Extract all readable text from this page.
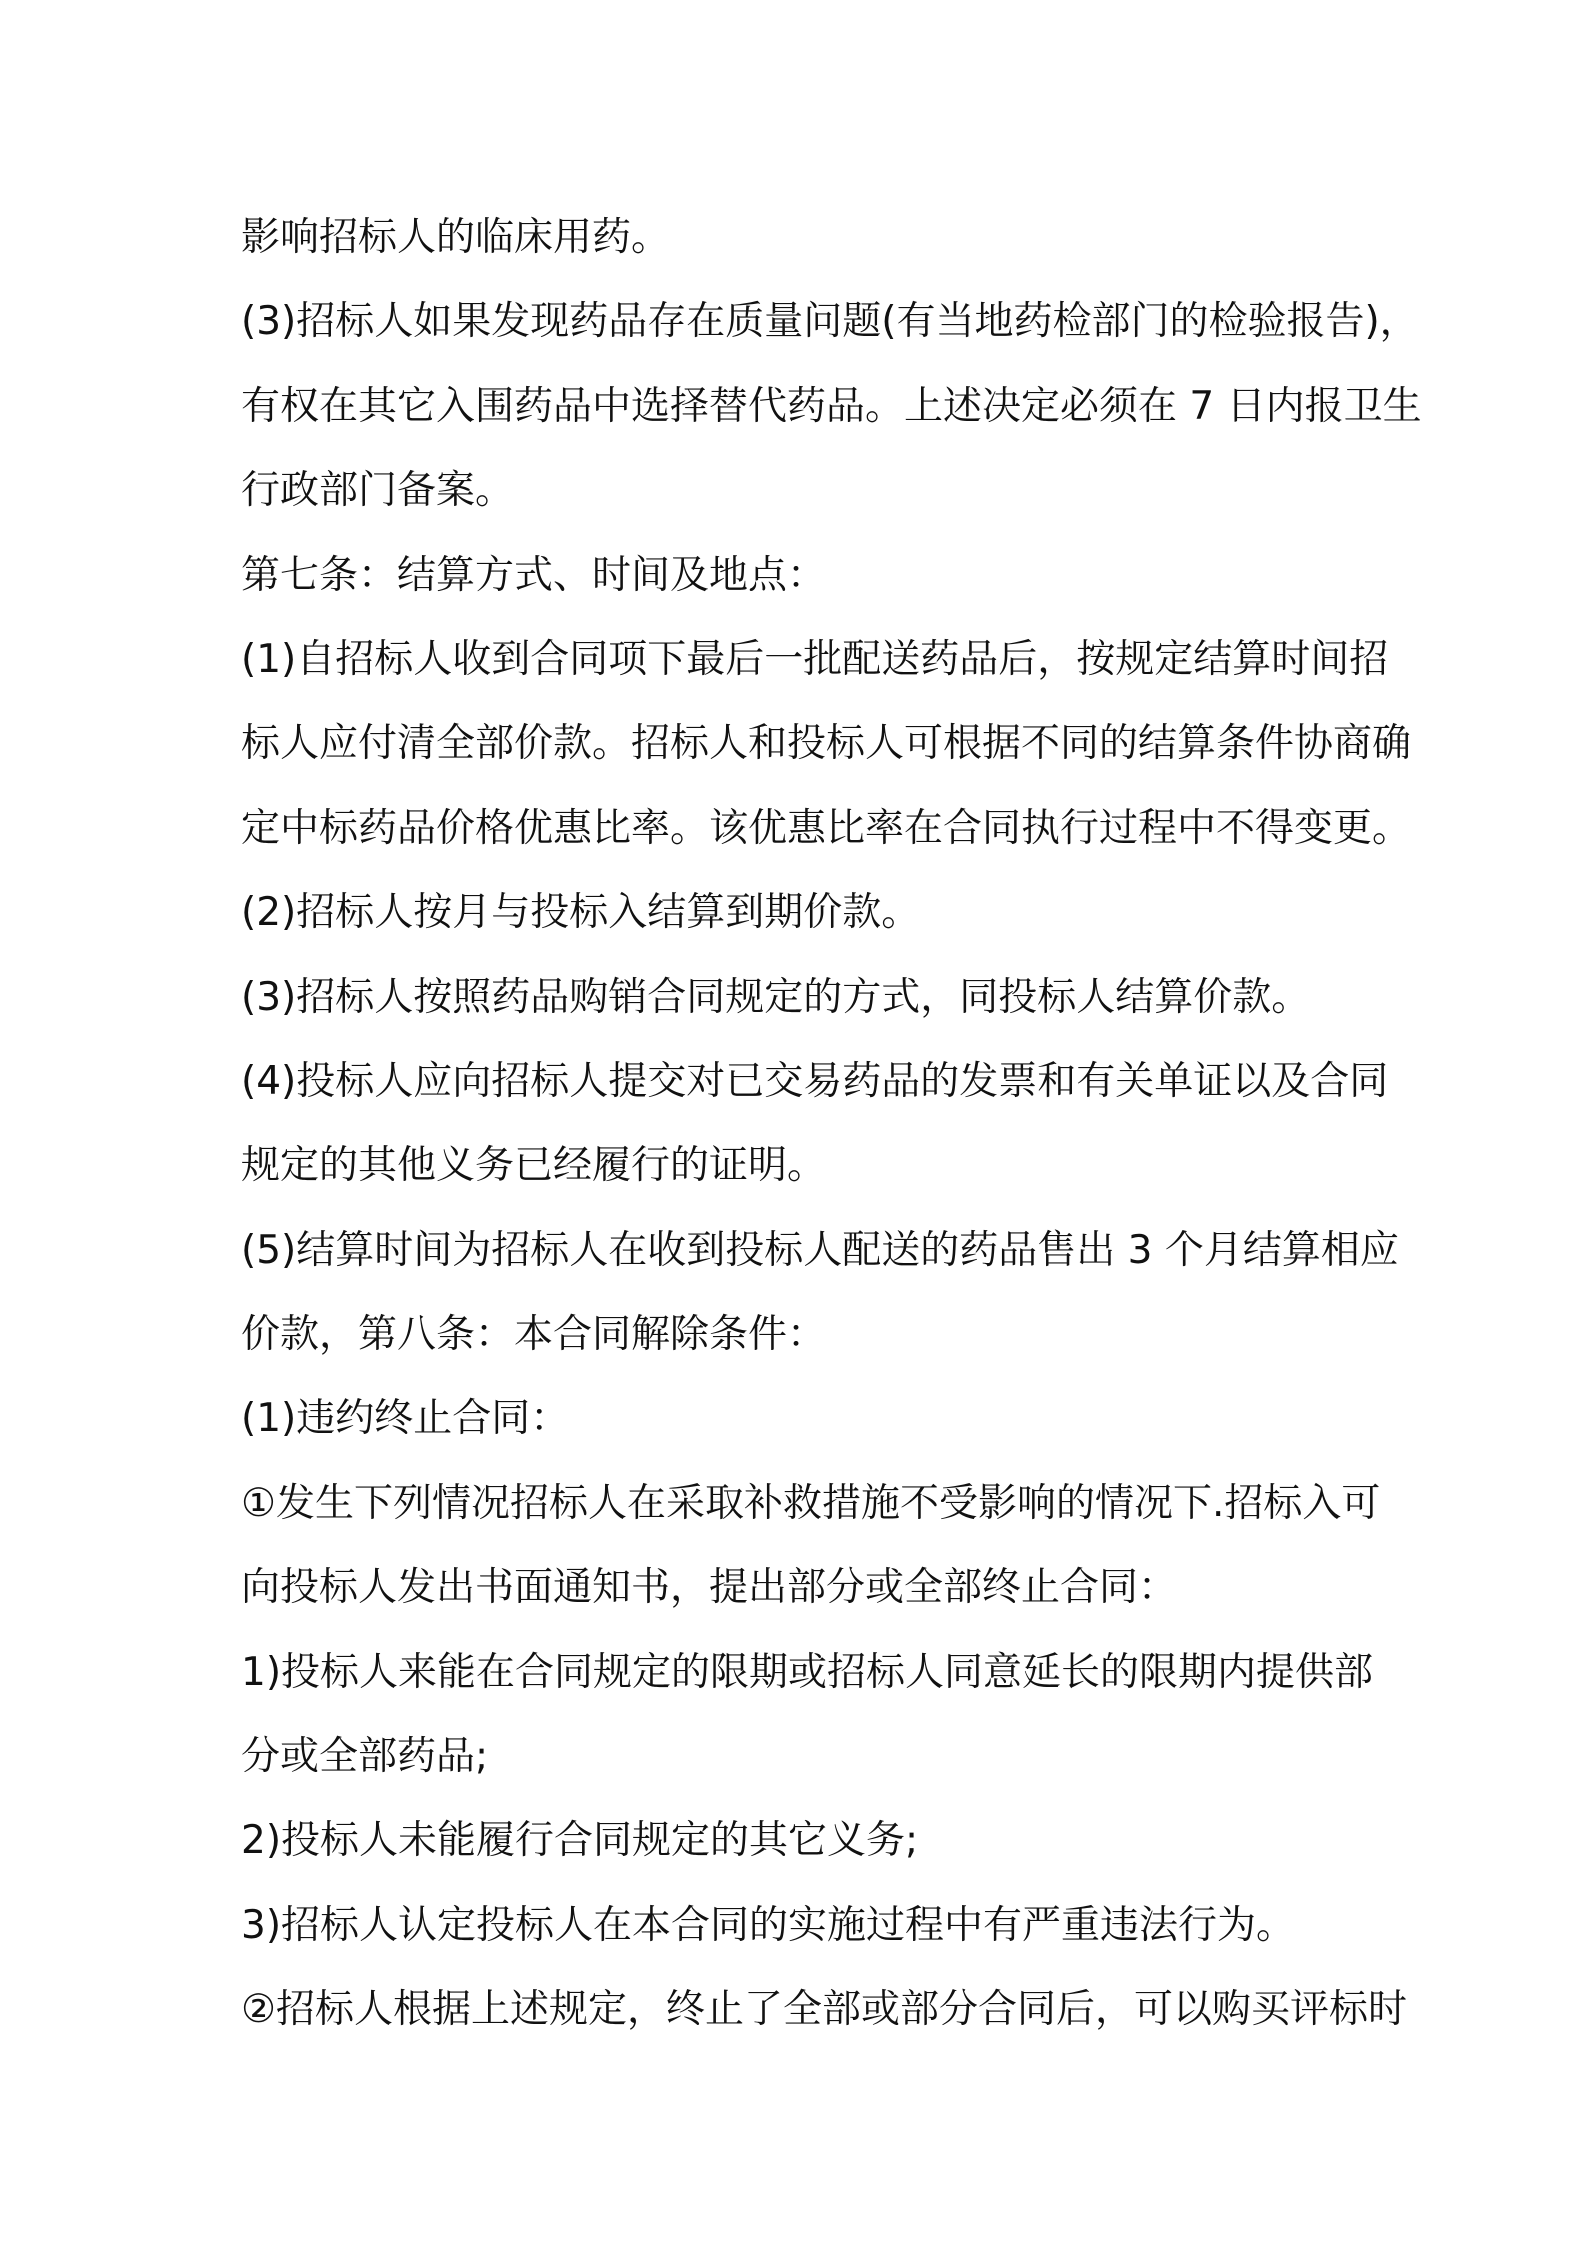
影响招标人的临床用药。
(3)招标人如果发现药品存在质量问题(有当地药检部门的检验报告)，
有权在其它入围药品中选择替代药品。上述决定必须在 7 日内报卫生
行政部门备案。
第七条：结算方式、时间及地点：
(1)自招标人收到合同项下最后一批配送药品后，按规定结算时间招
标人应付清全部价款。招标人和投标人可根据不同的结算条件协商确
定中标药品价格优惠比率。该优惠比率在合同执行过程中不得变更。
(2)招标人按月与投标入结算到期价款。
(3)招标人按照药品购销合同规定的方式，同投标人结算价款。
(4)投标人应向招标人提交对已交易药品的发票和有关单证以及合同
规定的其他义务已经履行的证明。
(5)结算时间为招标人在收到投标人配送的药品售出 3 个月结算相应
价款，第八条：本合同解除条件：
(1)违约终止合同：
①发生下列情况招标人在采取补救措施不受影响的情况下.招标入可
向投标人发出书面通知书，提出部分或全部终止合同：
1)投标人来能在合同规定的限期或招标人同意延长的限期内提供部
分或全部药品;
2)投标人未能履行合同规定的其它义务;
3)招标人认定投标人在本合同的实施过程中有严重违法行为。
②招标人根据上述规定，终止了全部或部分合同后，可以购买评标时
